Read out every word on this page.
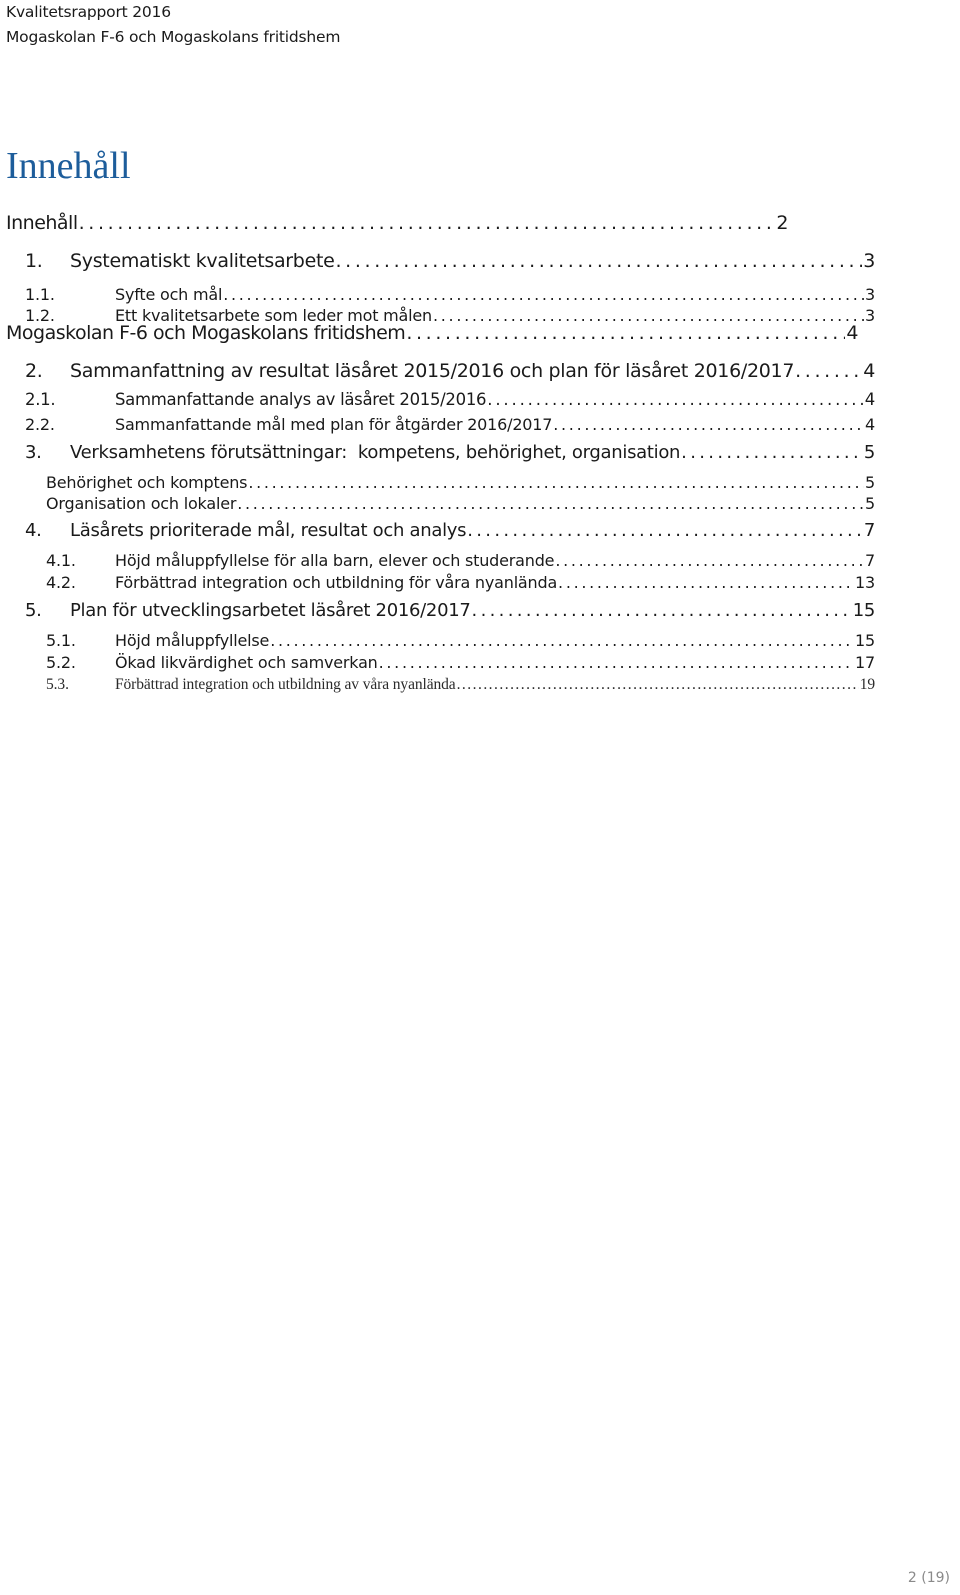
Kvalitetsrapport 2016
Mogaskolan F-6 och Mogaskolans fritidshem
Innehåll
Innehåll . . .	2
1.	Systematiskt kvalitetsarbete . . .	3
1.1.	Syfte och mål . . .	3
1.2.	Ett kvalitetsarbete som leder mot målen . . .	3
Mogaskolan F-6 och Mogaskolans fritidshem . . .	4
2.	Sammanfattning av resultat läsåret 2015/2016 och plan för läsåret 2016/2017 . . .	4
2.1.	Sammanfattande analys av läsåret 2015/2016 . . .	4
2.2.	Sammanfattande mål med plan för åtgärder 2016/2017 . . .	4
3.	Verksamhetens förutsättningar:  kompetens, behörighet, organisation . . .	5
Behörighet och komptens . . .	5
Organisation och lokaler . . .	5
4.	Läsårets prioriterade mål, resultat och analys . . .	7
4.1.	Höjd måluppfyllelse för alla barn, elever och studerande . . .	7
4.2.	Förbättrad integration och utbildning för våra nyanlända . . .	13
5.	Plan för utvecklingsarbetet läsåret 2016/2017 . . .	15
5.1.	Höjd måluppfyllelse . . .	15
5.2.	Ökad likvärdighet och samverkan . . .	17
5.3.	Förbättrad integration och utbildning av våra nyanlända . . .	19
2 (19)
